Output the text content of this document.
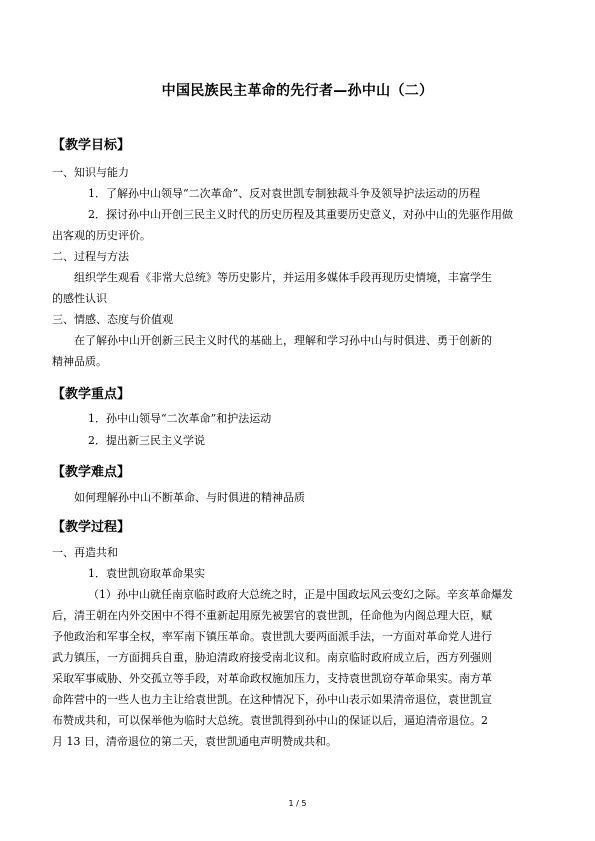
中国民族民主革命的先行者—孙中山（二）
【教学目标】
一、知识与能力
1．了解孙中山领导“二次革命”、反对袁世凯专制独裁斗争及领导护法运动的历程
2．探讨孙中山开创三民主义时代的历史历程及其重要历史意义，对孙中山的先驱作用做
出客观的历史评价。
二、过程与方法
组织学生观看《非常大总统》等历史影片，并运用多媒体手段再现历史情境，丰富学生
的感性认识
三、情感、态度与价值观
在了解孙中山开创新三民主义时代的基础上，理解和学习孙中山与时俱进、勇于创新的
精神品质。
【教学重点】
1．孙中山领导“二次革命”和护法运动
2．提出新三民主义学说
【教学难点】
如何理解孙中山不断革命、与时俱进的精神品质
【教学过程】
一、再造共和
1．袁世凯窃取革命果实
（1）孙中山就任南京临时政府大总统之时，正是中国政坛风云变幻之际。辛亥革命爆发
后，清王朝在内外交困中不得不重新起用原先被罢官的袁世凯，任命他为内阁总理大臣，赋
予他政治和军事全权，率军南下镇压革命。袁世凯大要两面派手法，一方面对革命党人进行
武力镇压，一方面拥兵自重，胁迫清政府接受南北议和。南京临时政府成立后，西方列强则
采取军事威胁、外交孤立等手段，对革命政权施加压力，支持袁世凯窃夺革命果实。南方革
命阵营中的一些人也力主让给袁世凯。在这种情况下，孙中山表示如果清帝退位，袁世凯宣
布赞成共和，可以保举他为临时大总统。袁世凯得到孙中山的保证以后，逼迫清帝退位。2
月 13 日，清帝退位的第二天，袁世凯通电声明赞成共和。
1 / 5
